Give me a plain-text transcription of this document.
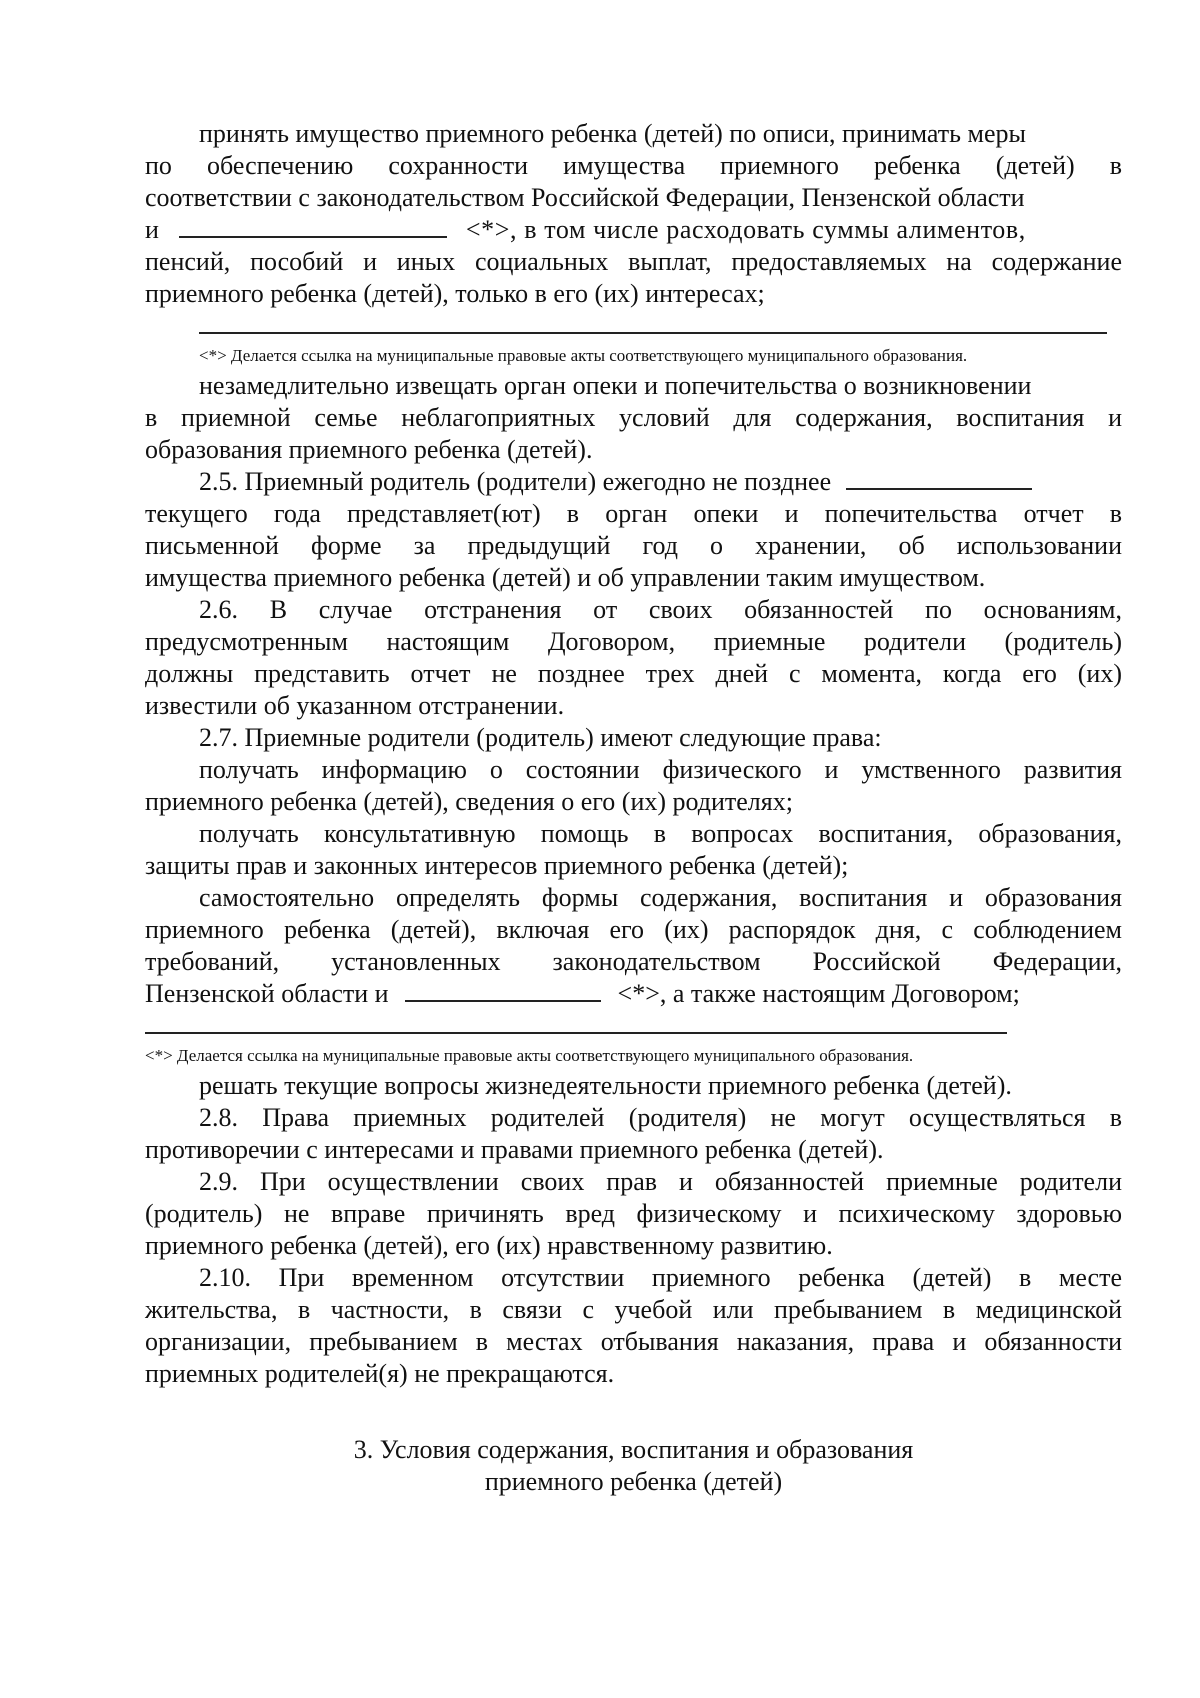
принять имущество приемного ребенка (детей) по описи, принимать меры
по обеспечению сохранности имущества приемного ребенка (детей) в
соответствии с законодательством Российской Федерации, Пензенской области
и	<*>, в том числе расходовать суммы алиментов,
пенсий, пособий и иных социальных выплат, предоставляемых на содержание
приемного ребенка (детей), только в его (их) интересах;
<*> Делается ссылка на муниципальные правовые акты соответствующего муниципального образования.
незамедлительно извещать орган опеки и попечительства о возникновении
в приемной семье неблагоприятных условий для содержания, воспитания и
образования приемного ребенка (детей).
2.5. Приемный родитель (родители) ежегодно не позднее
текущего года представляет(ют) в орган опеки и попечительства отчет в
письменной форме за предыдущий год о хранении, об использовании
имущества приемного ребенка (детей) и об управлении таким имуществом.
2.6. В случае отстранения от своих обязанностей по основаниям,
предусмотренным настоящим Договором, приемные родители (родитель)
должны представить отчет не позднее трех дней с момента, когда его (их)
известили об указанном отстранении.
2.7. Приемные родители (родитель) имеют следующие права:
получать информацию о состоянии физического и умственного развития
приемного ребенка (детей), сведения о его (их) родителях;
получать консультативную помощь в вопросах воспитания, образования,
защиты прав и законных интересов приемного ребенка (детей);
самостоятельно определять формы содержания, воспитания и образования
приемного ребенка (детей), включая его (их) распорядок дня, с соблюдением
требований, установленных законодательством Российской Федерации,
Пензенской области и	<*>, а также настоящим Договором;
<*> Делается ссылка на муниципальные правовые акты соответствующего муниципального образования.
решать текущие вопросы жизнедеятельности приемного ребенка (детей).
2.8. Права приемных родителей (родителя) не могут осуществляться в
противоречии с интересами и правами приемного ребенка (детей).
2.9. При осуществлении своих прав и обязанностей приемные родители
(родитель) не вправе причинять вред физическому и психическому здоровью
приемного ребенка (детей), его (их) нравственному развитию.
2.10. При временном отсутствии приемного ребенка (детей) в месте
жительства, в частности, в связи с учебой или пребыванием в медицинской
организации, пребыванием в местах отбывания наказания, права и обязанности
приемных родителей(я) не прекращаются.
3. Условия содержания, воспитания и образования
приемного ребенка (детей)
